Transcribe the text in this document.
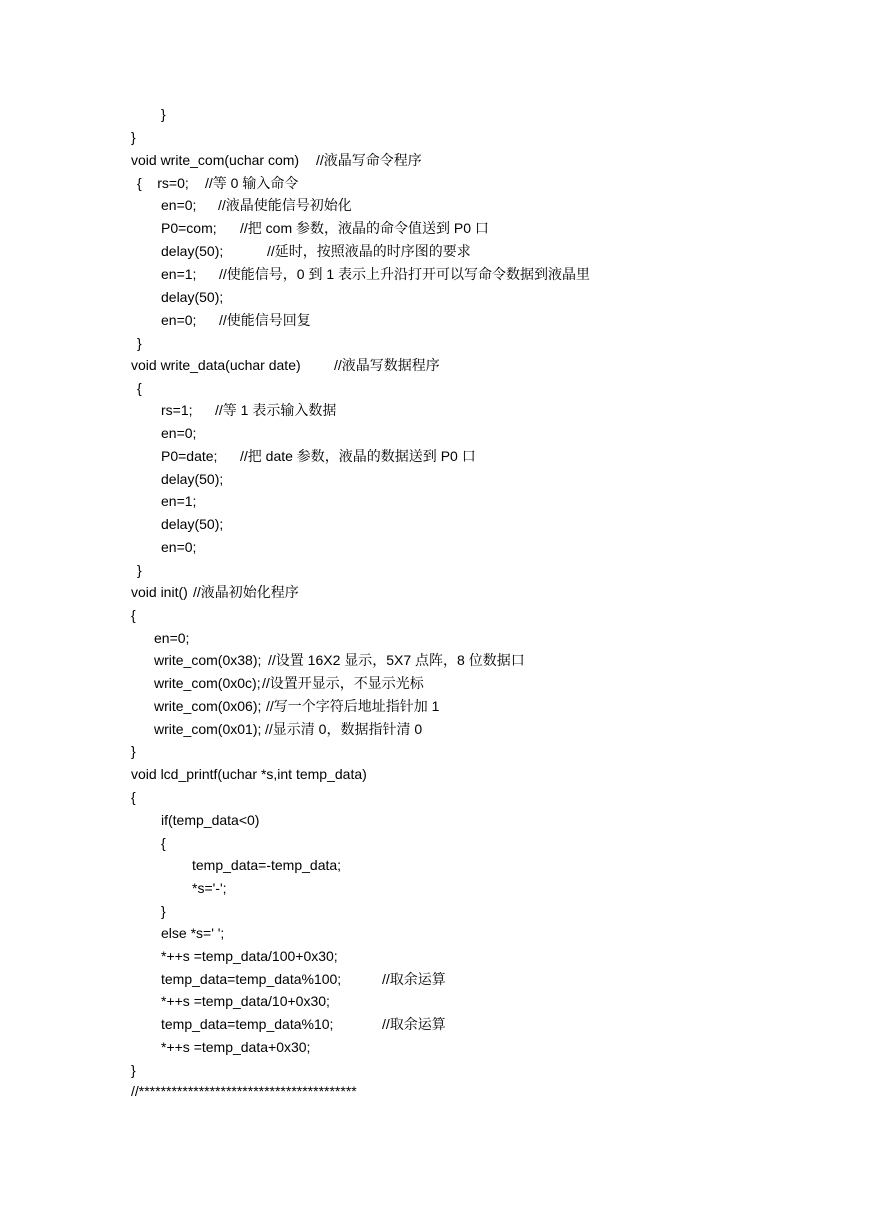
}
}
void write_com(uchar com) //液晶写命令程序
{    rs=0; //等 0 输入命令
en=0; //液晶使能信号初始化
P0=com; //把 com 参数，液晶的命令值送到 P0 口
delay(50);	//延时，按照液晶的时序图的要求
en=1; //使能信号，0 到 1 表示上升沿打开可以写命令数据到液晶里
delay(50);
en=0; //使能信号回复
}
void write_data(uchar date) //液晶写数据程序
{
rs=1; //等 1 表示输入数据
en=0;
P0=date; //把 date 参数，液晶的数据送到 P0 口
delay(50);
en=1;
delay(50);
en=0;
}
void init() //液晶初始化程序
{
en=0;
write_com(0x38); //设置 16X2 显示，5X7 点阵，8 位数据口
write_com(0x0c); //设置开显示，不显示光标
write_com(0x06); //写一个字符后地址指针加 1
write_com(0x01); //显示清 0，数据指针清 0
}
void lcd_printf(uchar *s,int temp_data)
{
if(temp_data<0)
{
temp_data=-temp_data;
*s='-';
}
else *s=' ';
*++s =temp_data/100+0x30;
temp_data=temp_data%100;	//取余运算
*++s =temp_data/10+0x30;
temp_data=temp_data%10;	//取余运算
*++s =temp_data+0x30;
}
//****************************************
